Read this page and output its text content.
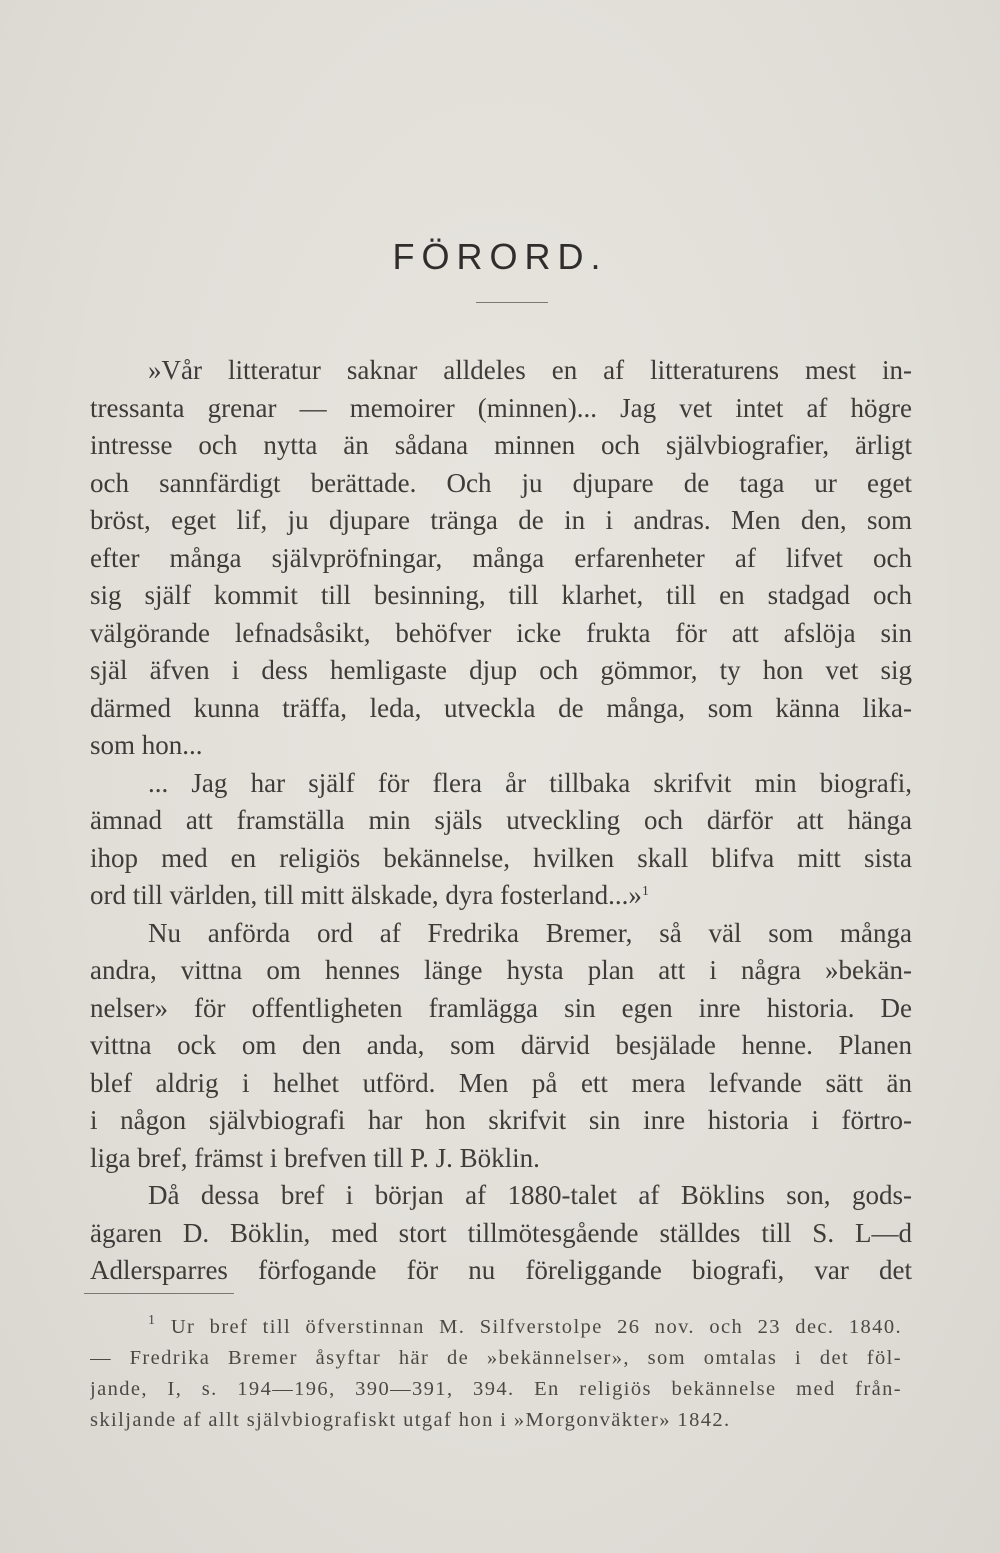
FÖRORD.
»Vår litteratur saknar alldeles en af litteraturens mest in-
tressanta grenar — memoirer (minnen)... Jag vet intet af högre
intresse och nytta än sådana minnen och självbiografier, ärligt
och sannfärdigt berättade. Och ju djupare de taga ur eget
bröst, eget lif, ju djupare tränga de in i andras. Men den, som
efter många självpröfningar, många erfarenheter af lifvet och
sig själf kommit till besinning, till klarhet, till en stadgad och
välgörande lefnadsåsikt, behöfver icke frukta för att afslöja sin
själ äfven i dess hemligaste djup och gömmor, ty hon vet sig
därmed kunna träffa, leda, utveckla de många, som känna lika-
som hon...
... Jag har själf för flera år tillbaka skrifvit min biografi,
ämnad att framställa min själs utveckling och därför att hänga
ihop med en religiös bekännelse, hvilken skall blifva mitt sista
ord till världen, till mitt älskade, dyra fosterland...»$^1$
Nu anförda ord af Fredrika Bremer, så väl som många
andra, vittna om hennes länge hysta plan att i några »bekän-
nelser» för offentligheten framlägga sin egen inre historia. De
vittna ock om den anda, som därvid besjälade henne. Planen
blef aldrig i helhet utförd. Men på ett mera lefvande sätt än
i någon självbiografi har hon skrifvit sin inre historia i förtro-
liga bref, främst i brefven till P. J. Böklin.
Då dessa bref i början af 1880-talet af Böklins son, gods-
ägaren D. Böklin, med stort tillmötesgående ställdes till S. L—d
Adlersparres förfogande för nu föreliggande biografi, var det
$^1$ Ur bref till öfverstinnan M. Silfverstolpe 26 nov. och 23 dec. 1840.
— Fredrika Bremer åsyftar här de »bekännelser», som omtalas i det föl-
jande, I, s. 194—196, 390—391, 394. En religiös bekännelse med från-
skiljande af allt självbiografiskt utgaf hon i »Morgonväkter» 1842.
